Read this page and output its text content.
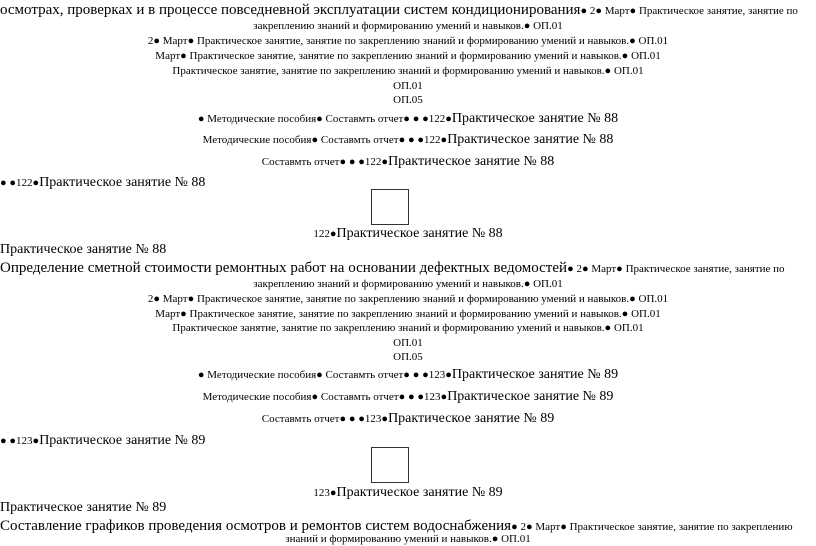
осмотрах, проверках и в процессе повседневной эксплуатации систем кондиционирования● 2● Март● Практическое занятие, занятие по
закреплению знаний и формированию умений и навыков.● ОП.01
2● Март● Практическое занятие, занятие по закреплению знаний и формированию умений и навыков.● ОП.01
Март● Практическое занятие, занятие по закреплению знаний и формированию умений и навыков.● ОП.01
Практическое занятие, занятие по закреплению знаний и формированию умений и навыков.● ОП.01
ОП.01
ОП.05
● Методические пособия● Составмть отчет● ● ●122●Практическое занятие № 88
Методические пособия● Составмть отчет● ● ●122●Практическое занятие № 88
Составмть отчет● ● ●122●Практическое занятие № 88
● ●122●Практическое занятие № 88
122●Практическое занятие № 88
Практическое занятие № 88
Определение сметной стоимости ремонтных работ на основании дефектных ведомостей● 2● Март● Практическое занятие, занятие по
закреплению знаний и формированию умений и навыков.● ОП.01
2● Март● Практическое занятие, занятие по закреплению знаний и формированию умений и навыков.● ОП.01
Март● Практическое занятие, занятие по закреплению знаний и формированию умений и навыков.● ОП.01
Практическое занятие, занятие по закреплению знаний и формированию умений и навыков.● ОП.01
ОП.01
ОП.05
● Методические пособия● Составмть отчет● ● ●123●Практическое занятие № 89
Методические пособия● Составмть отчет● ● ●123●Практическое занятие № 89
Составмть отчет● ● ●123●Практическое занятие № 89
● ●123●Практическое занятие № 89
123●Практическое занятие № 89
Практическое занятие № 89
Составление графиков проведения осмотров и ремонтов систем водоснабжения● 2● Март● Практическое занятие, занятие по закреплению
знаний и формированию умений и навыков.● ОП.01
